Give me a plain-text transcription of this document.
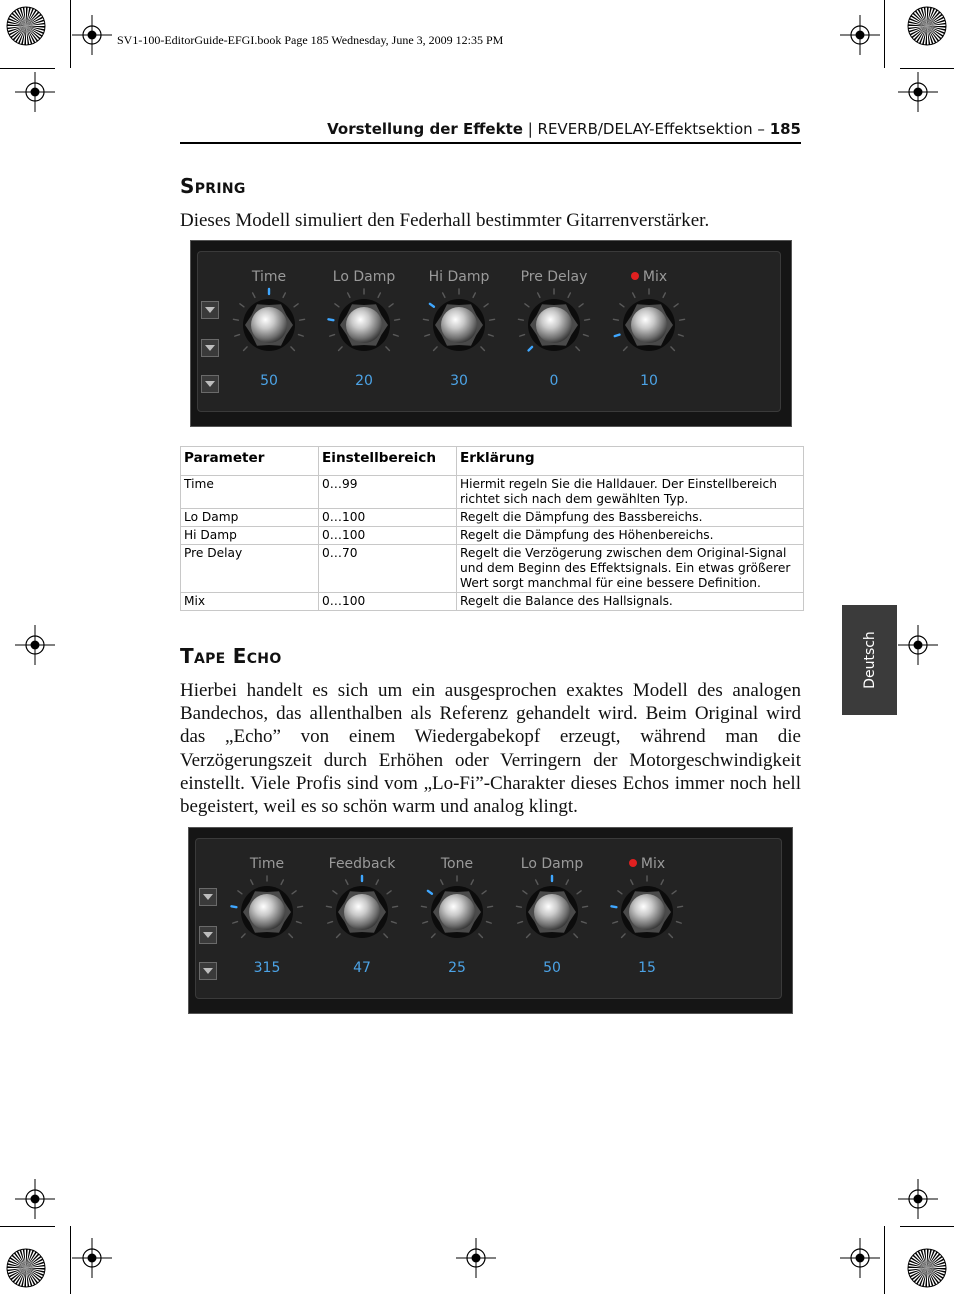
SV1-100-EditorGuide-EFGI.book Page 185 Wednesday, June 3, 2009 12:35 PM
Vorstellung der Effekte | REVERB/DELAY-Effektsektion – 185
Spring

Dieses Modell simuliert den Federhall bestimmter Gitarrenverstärker.

Time
50
Lo Damp
20
Hi Damp
30
Pre Delay
0
Mix
10
Parameter	Einstellbereich	Erklärung
Time	0…99	Hiermit regeln Sie die Halldauer. Der Einstellbereich richtet sich nach dem gewählten Typ.
Lo Damp	0…100	Regelt die Dämpfung des Bassbereichs.
Hi Damp	0…100	Regelt die Dämpfung des Höhenbereichs.
Pre Delay	0…70	Regelt die Verzögerung zwischen dem Original-Signal und dem Beginn des Effektsignals. Ein etwas größerer Wert sorgt manchmal für eine bessere Definition.
Mix	0…100	Regelt die Balance des Hallsignals.
Tape Echo

Hierbei handelt es sich um ein ausgesprochen exaktes Modell des analogen Bandechos, das allenthalben als Referenz gehandelt wird. Beim Original wird das „Echo” von einem Wiedergabekopf erzeugt, während man die Verzögerungszeit durch Erhöhen oder Verringern der Motorgeschwindigkeit einstellt. Viele Profis sind vom „Lo-Fi”-Charakter dieses Echos immer noch hell begeistert, weil es so schön warm und analog klingt.

Time
315
Feedback
47
Tone
25
Lo Damp
50
Mix
15
Deutsch
